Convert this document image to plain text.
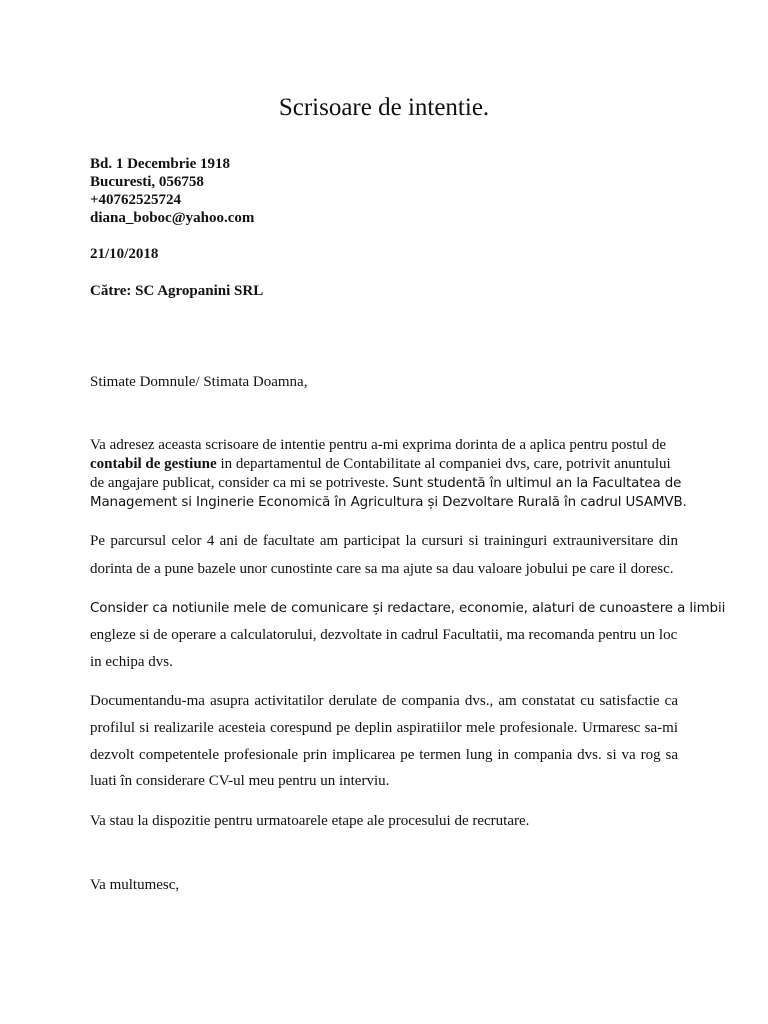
Scrisoare de intentie.

Bd. 1 Decembrie 1918

Bucuresti, 056758

+40762525724

diana_boboc@yahoo.com

21/10/2018

Către: SC Agropanini SRL

Stimate Domnule/ Stimata Doamna,

Va adresez aceasta scrisoare de intentie pentru a-mi exprima dorinta de a aplica pentru postul de

contabil de gestiune in departamentul de Contabilitate al companiei dvs, care, potrivit anuntului

de angajare publicat, consider ca mi se potriveste. Sunt studentă în ultimul an la Facultatea de

Management si Inginerie Economică în Agricultura și Dezvoltare Rurală în cadrul USAMVB.

Pe parcursul celor 4 ani de facultate am participat la cursuri si traininguri extrauniversitare din

dorinta de a pune bazele unor cunostinte care sa ma ajute sa dau valoare jobului pe care il doresc.

Consider ca notiunile mele de comunicare și redactare, economie, alaturi de cunoastere a limbii

engleze si de operare a calculatorului, dezvoltate in cadrul Facultatii, ma recomanda pentru un loc

in echipa dvs.

Documentandu-ma asupra activitatilor derulate de compania dvs., am constatat cu satisfactie ca

profilul si realizarile acesteia corespund pe deplin aspiratiilor mele profesionale. Urmaresc sa-mi

dezvolt competentele profesionale prin implicarea pe termen lung in compania dvs. si va rog sa

luati în considerare CV-ul meu pentru un interviu.

Va stau la dispozitie pentru urmatoarele etape ale procesului de recrutare.

Va multumesc,
